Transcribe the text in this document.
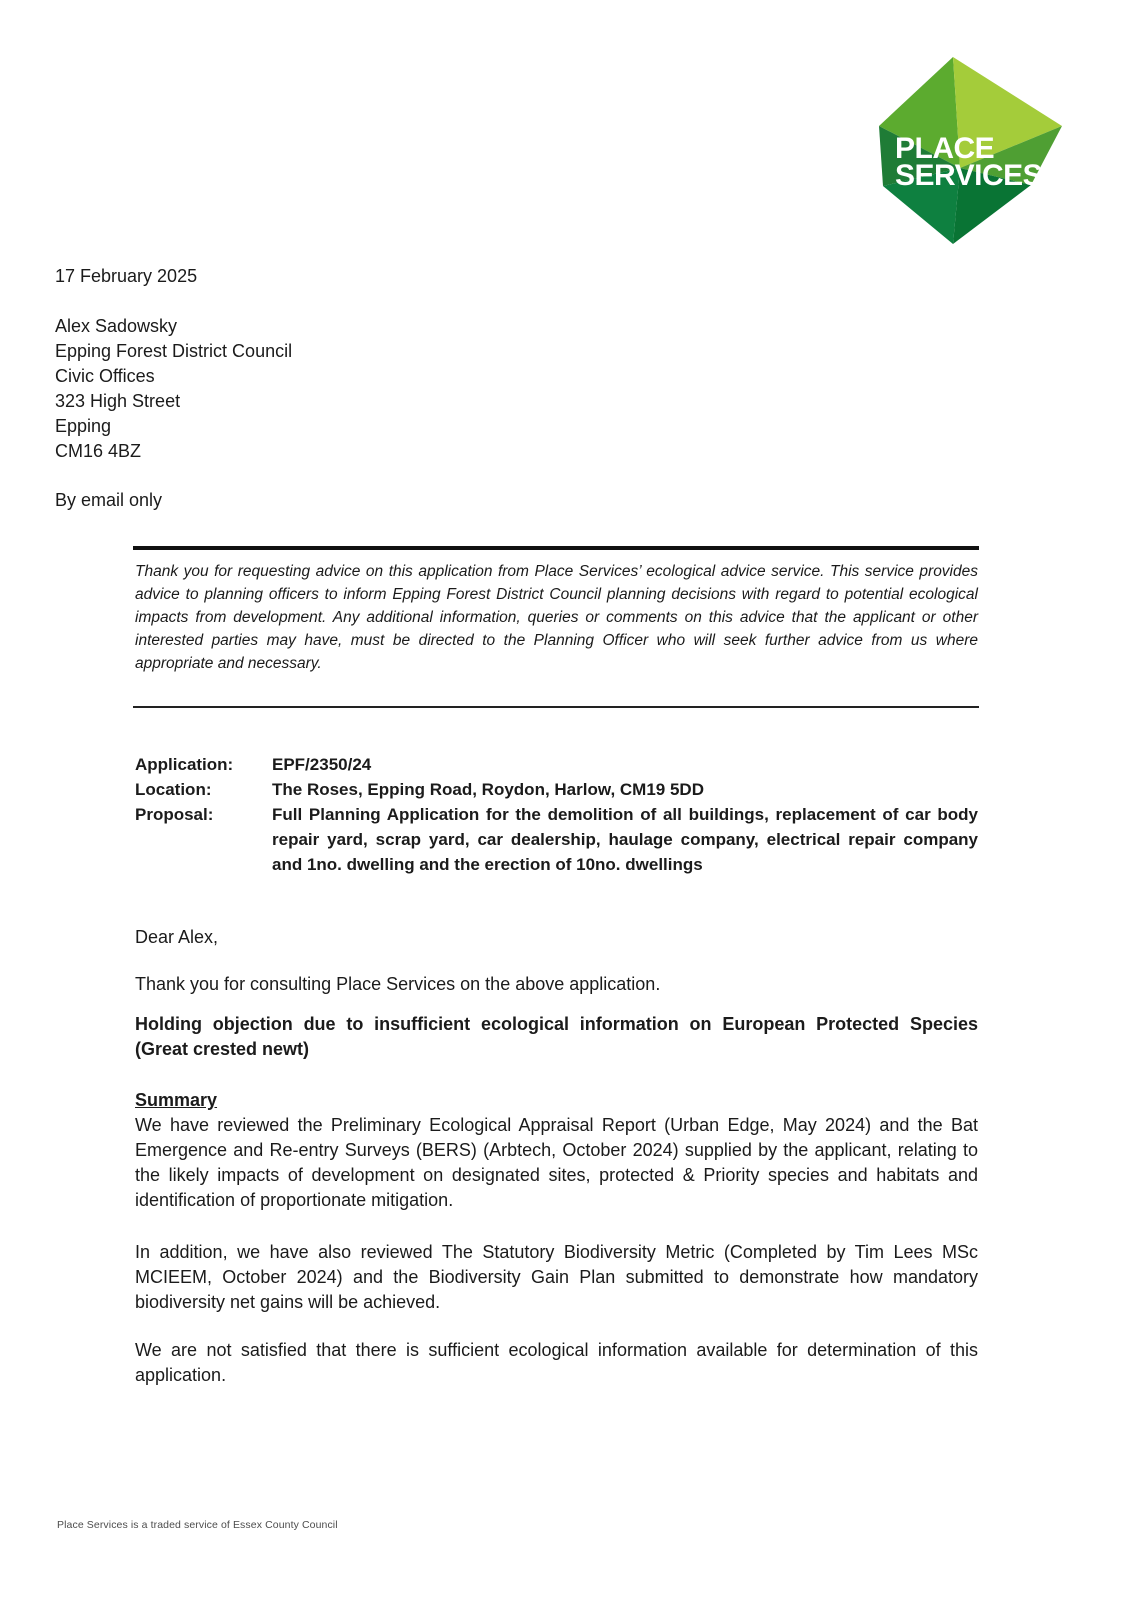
PLACE
SERVICES
17 February 2025
Alex Sadowsky
Epping Forest District Council
Civic Offices
323 High Street
Epping
CM16 4BZ
By email only

Thank you for requesting advice on this application from Place Services’ ecological advice service. This service provides advice to planning officers to inform Epping Forest District Council planning decisions with regard to potential ecological impacts from development. Any additional information, queries or comments on this advice that the applicant or other interested parties may have, must be directed to the Planning Officer who will seek further advice from us where appropriate and necessary.

Application:	EPF/2350/24
Location:	The Roses, Epping Road, Roydon, Harlow, CM19 5DD
Proposal:	Full Planning Application for the demolition of all buildings, replacement of car body repair yard, scrap yard, car dealership, haulage company, electrical repair company and 1no. dwelling and the erection of 10no. dwellings

Dear Alex,

Thank you for consulting Place Services on the above application.

Holding objection due to insufficient ecological information on European Protected Species (Great crested newt)

Summary

We have reviewed the Preliminary Ecological Appraisal Report (Urban Edge, May 2024) and the Bat Emergence and Re-entry Surveys (BERS) (Arbtech, October 2024) supplied by the applicant, relating to the likely impacts of development on designated sites, protected & Priority species and habitats and identification of proportionate mitigation.

In addition, we have also reviewed The Statutory Biodiversity Metric (Completed by Tim Lees MSc MCIEEM, October 2024) and the Biodiversity Gain Plan submitted to demonstrate how mandatory biodiversity net gains will be achieved.

We are not satisfied that there is sufficient ecological information available for determination of this application.

Place Services is a traded service of Essex County Council
